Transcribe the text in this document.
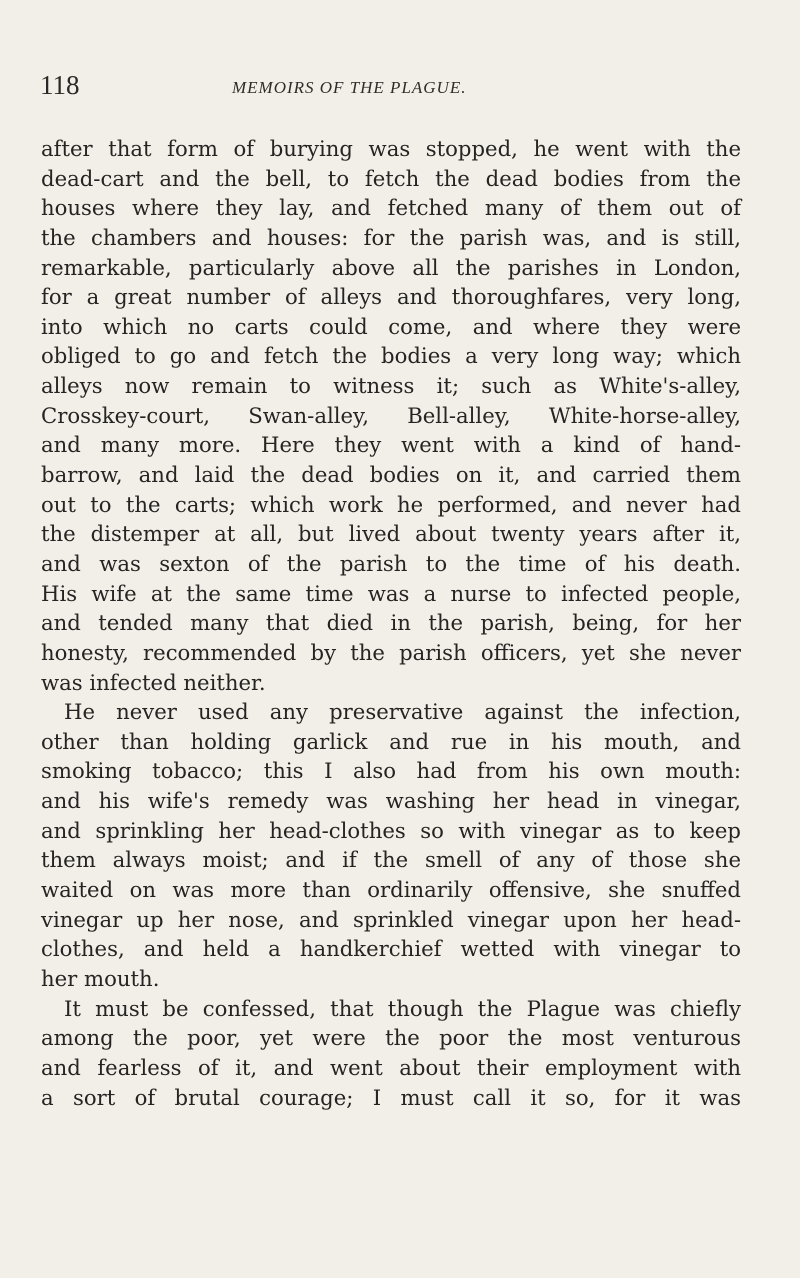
118	MEMOIRS OF THE PLAGUE.
after that form of burying was stopped, he went with the
dead-cart and the bell, to fetch the dead bodies from the
houses where they lay, and fetched many of them out of
the chambers and houses: for the parish was, and is still,
remarkable, particularly above all the parishes in London,
for a great number of alleys and thoroughfares, very long,
into which no carts could come, and where they were
obliged to go and fetch the bodies a very long way; which
alleys now remain to witness it; such as White's-alley,
Crosskey-court, Swan-alley, Bell-alley, White-horse-alley,
and many more. Here they went with a kind of hand-
barrow, and laid the dead bodies on it, and carried them
out to the carts; which work he performed, and never had
the distemper at all, but lived about twenty years after it,
and was sexton of the parish to the time of his death.
His wife at the same time was a nurse to infected people,
and tended many that died in the parish, being, for her
honesty, recommended by the parish officers, yet she never
was infected neither.
He never used any preservative against the infection,
other than holding garlick and rue in his mouth, and
smoking tobacco; this I also had from his own mouth:
and his wife's remedy was washing her head in vinegar,
and sprinkling her head-clothes so with vinegar as to keep
them always moist; and if the smell of any of those she
waited on was more than ordinarily offensive, she snuffed
vinegar up her nose, and sprinkled vinegar upon her head-
clothes, and held a handkerchief wetted with vinegar to
her mouth.
It must be confessed, that though the Plague was chiefly
among the poor, yet were the poor the most venturous
and fearless of it, and went about their employment with
a sort of brutal courage; I must call it so, for it was
